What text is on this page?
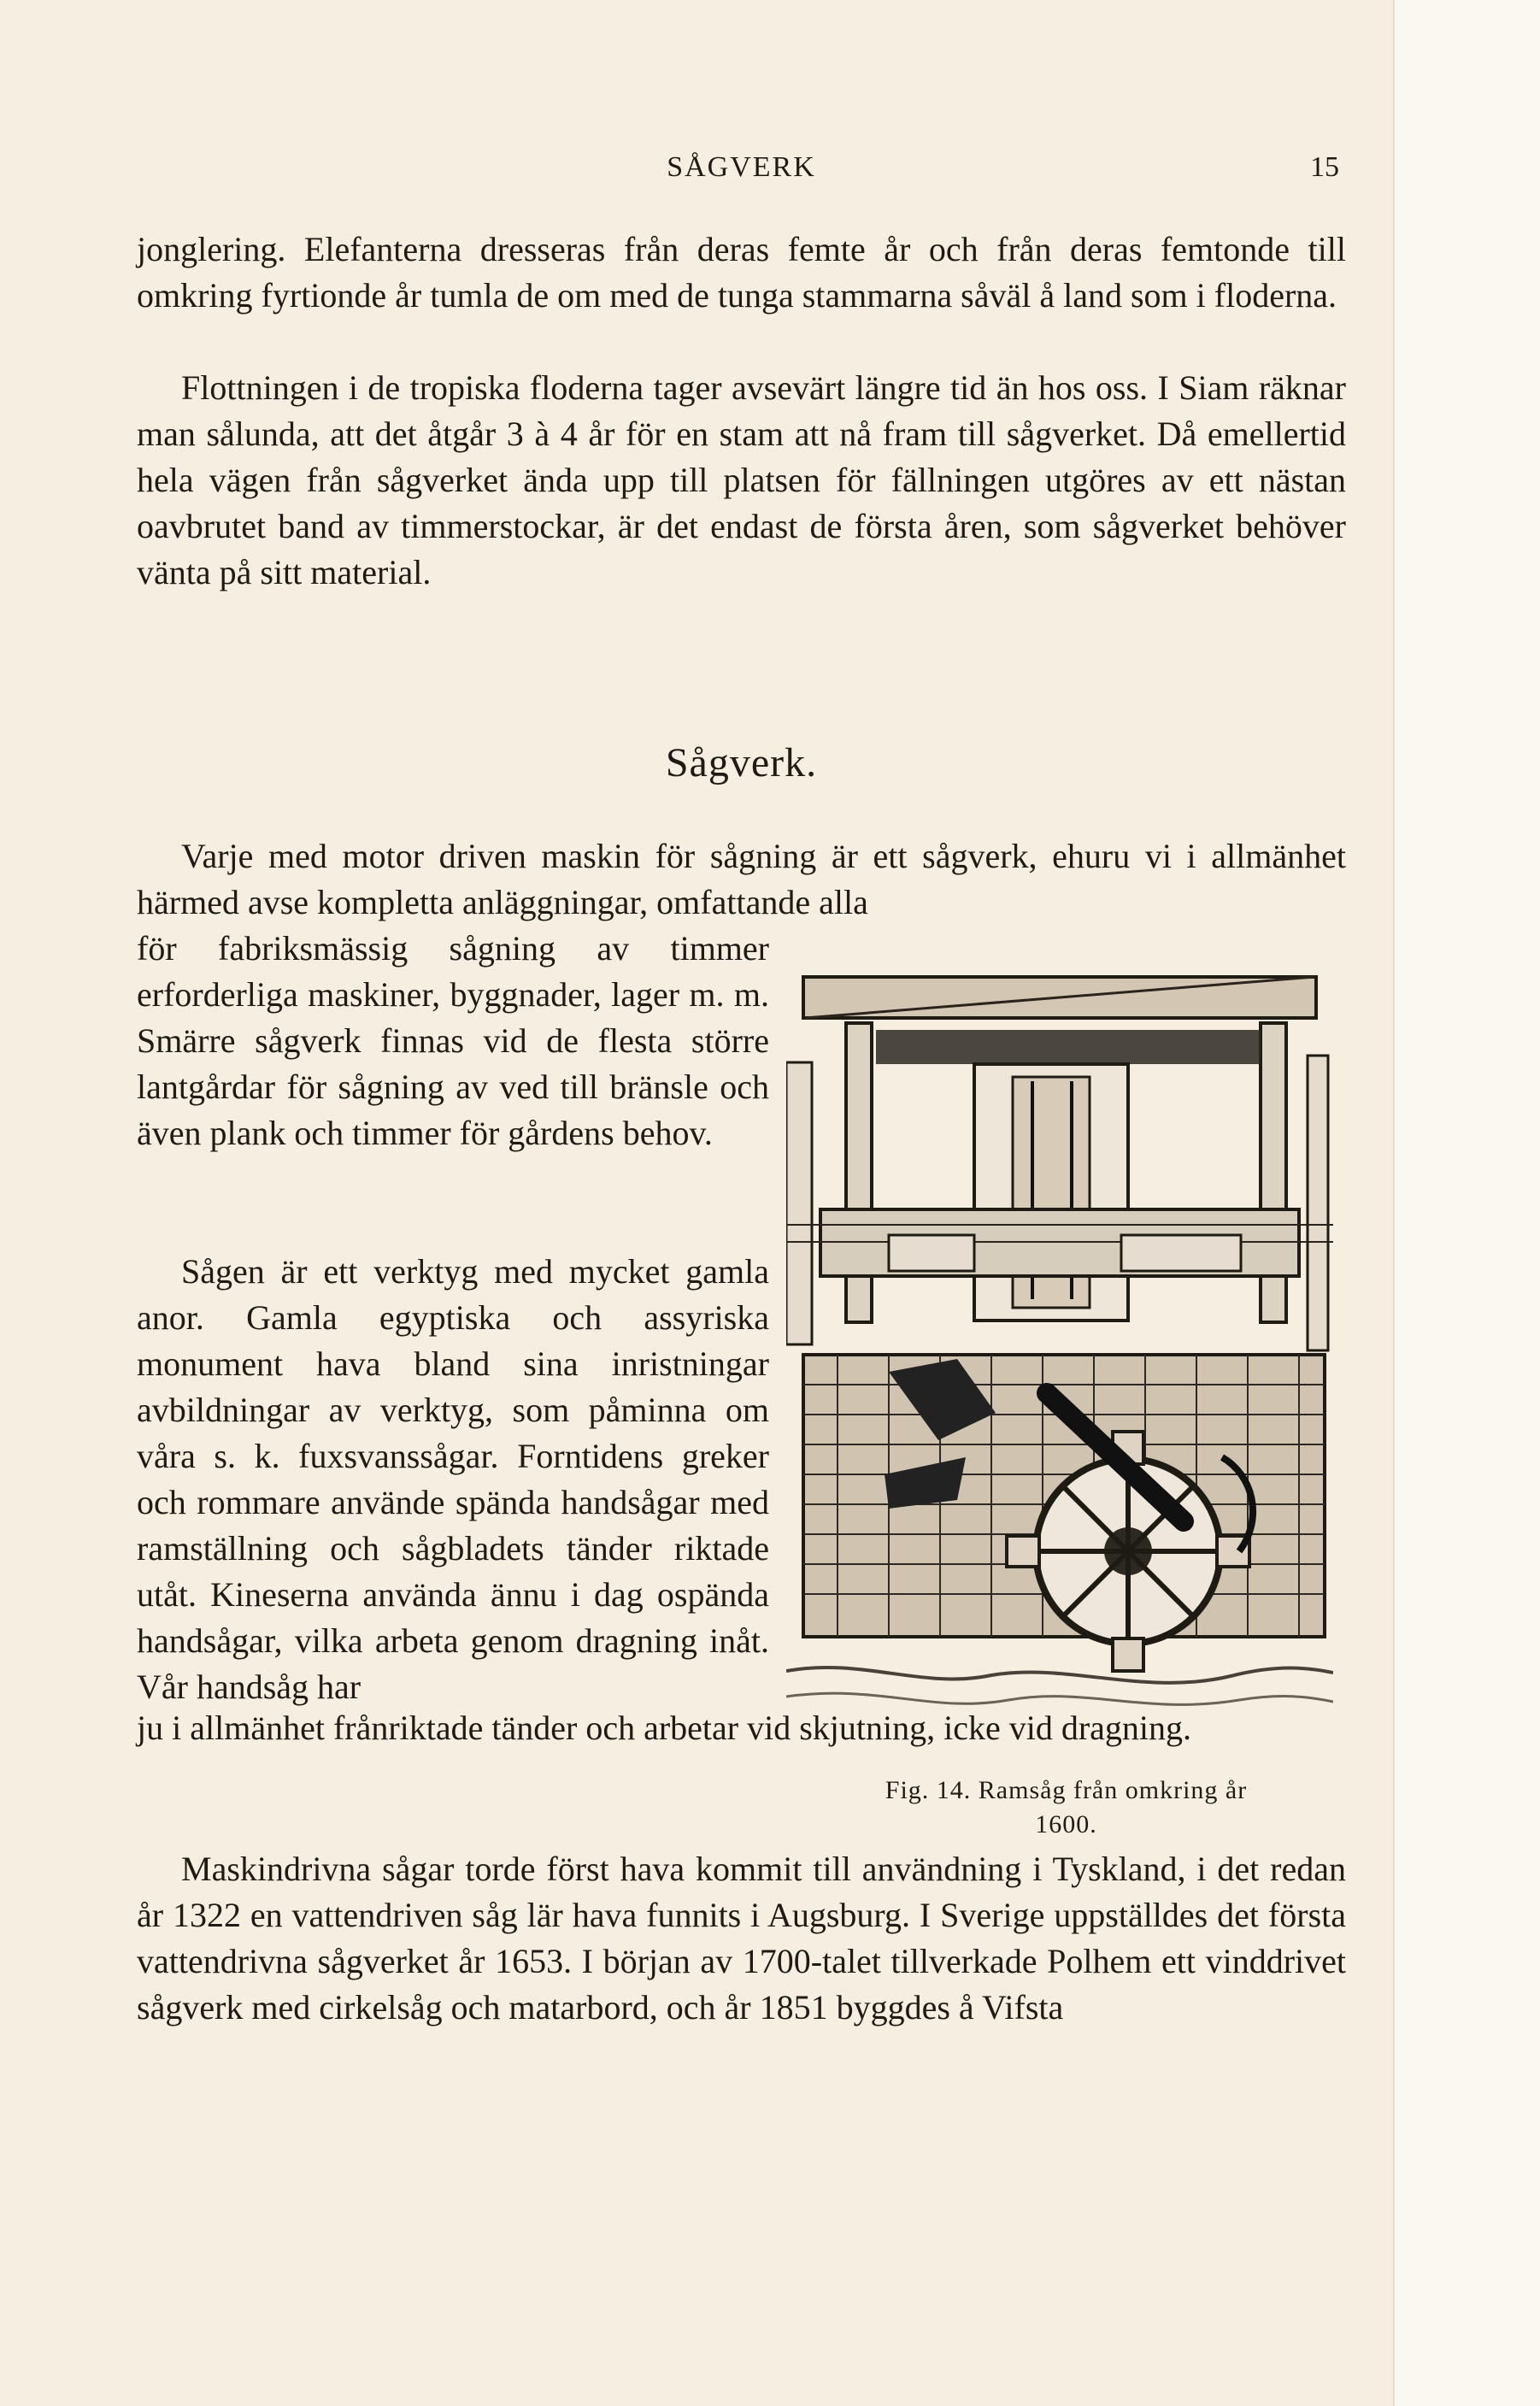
SÅGVERK	15

jonglering. Elefanterna dresseras från deras femte år och från deras femtonde till omkring fyrtionde år tumla de om med de tunga stammarna såväl å land som i floderna.

Flottningen i de tropiska floderna tager avsevärt längre tid än hos oss. I Siam räknar man sålunda, att det åtgår 3 à 4 år för en stam att nå fram till sågverket. Då emellertid hela vägen från sågverket ända upp till platsen för fällningen utgöres av ett nästan oavbrutet band av timmerstockar, är det endast de första åren, som sågverket behöver vänta på sitt material.

Sågverk.

Varje med motor driven maskin för sågning är ett sågverk, ehuru vi i allmänhet härmed avse kompletta anläggningar, omfattande alla

för fabriksmässig sågning av timmer erforderliga maskiner, byggnader, lager m. m. Smärre sågverk finnas vid de flesta större lantgårdar för sågning av ved till bränsle och även plank och timmer för gårdens behov.

Sågen är ett verktyg med mycket gamla anor. Gamla egyptiska och assyriska monument hava bland sina inristningar avbildningar av verktyg, som påminna om våra s. k. fuxsvanssågar. Forntidens greker och rommare använde spända handsågar med ramställning och sågbladets tänder riktade utåt. Kineserna använda ännu i dag ospända handsågar, vilka arbeta genom dragning inåt. Vår handsåg har

Fig. 14. Ramsåg från omkring år
1600.

ju i allmänhet frånriktade tänder och arbetar vid skjutning, icke vid dragning.

Maskindrivna sågar torde först hava kommit till användning i Tyskland, i det redan år 1322 en vattendriven såg lär hava funnits i Augsburg. I Sverige uppställdes det första vattendrivna sågverket år 1653. I början av 1700-talet tillverkade Polhem ett vinddrivet sågverk med cirkelsåg och matarbord, och år 1851 byggdes å Vifsta
